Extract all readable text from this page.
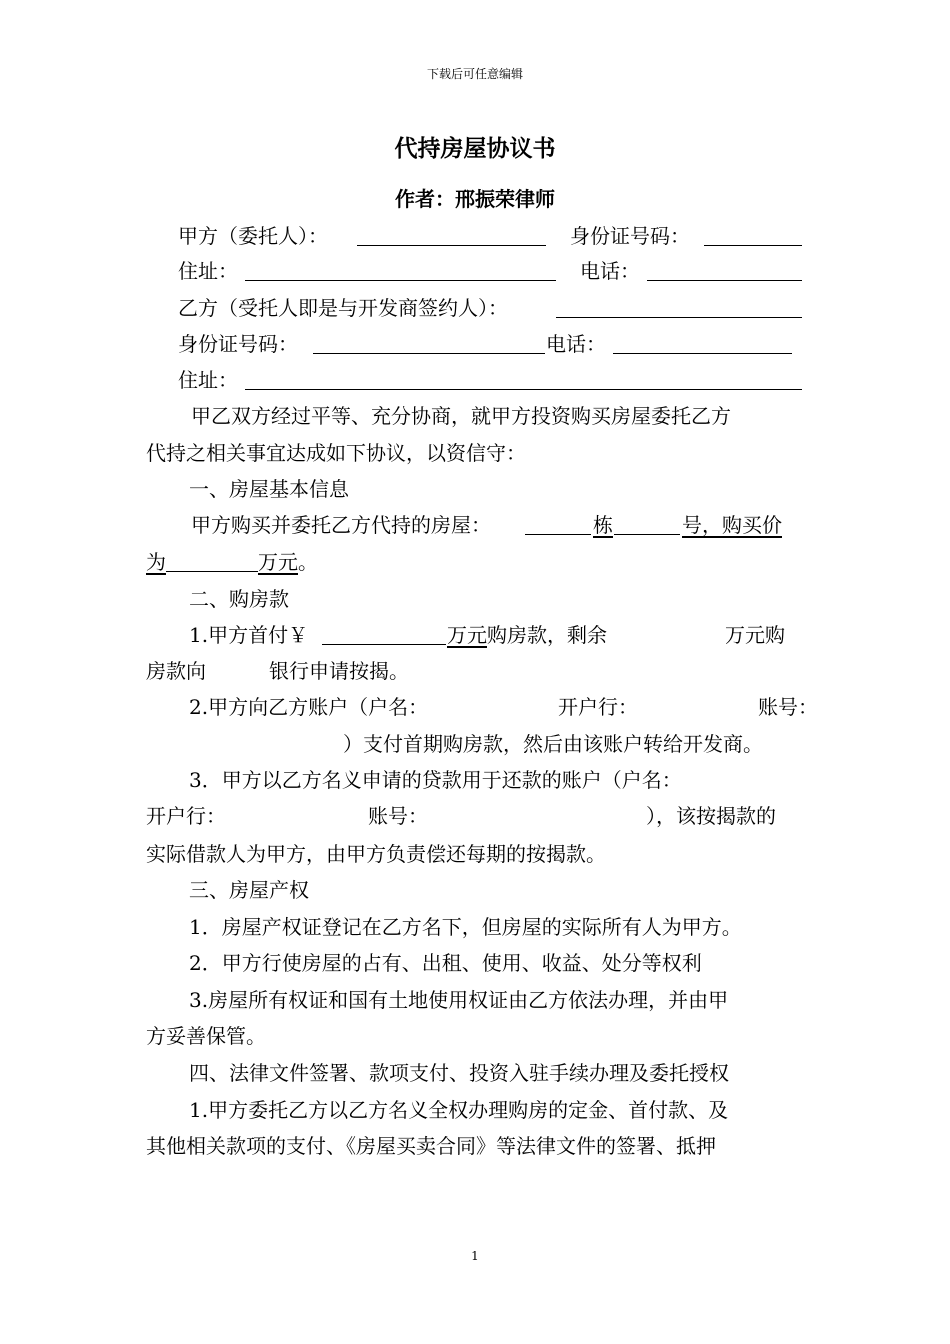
下载后可任意编辑
代持房屋协议书
作者：邢振荣律师
甲方（委托人）：	身份证号码：
住址：	电话：
乙方（受托人即是与开发商签约人）：
身份证号码：	电话：
住址：
甲乙双方经过平等、充分协商，就甲方投资购买房屋委托乙方
代持之相关事宜达成如下协议，以资信守：
一、房屋基本信息
甲方购买并委托乙方代持的房屋：	栋	号，购买价
为	万元 。
二、购房款
1.甲方首付￥	万元 购房款，剩余	万元购
房款向	银行申请按揭。
2.甲方向乙方账户（户名：	开户行：	账号：
）支付首期购房款，然后由该账户转给开发商。
3．甲方以乙方名义申请的贷款用于还款的账户（户名：
开户行：	账号：	），该按揭款的
实际借款人为甲方，由甲方负责偿还每期的按揭款。
三、房屋产权
1．房屋产权证登记在乙方名下，但房屋的实际所有人为甲方。
2．甲方行使房屋的占有、出租、使用、收益、处分等权利
3.房屋所有权证和国有土地使用权证由乙方依法办理，并由甲
方妥善保管。
四、法律文件签署、款项支付、投资入驻手续办理及委托授权
1.甲方委托乙方以乙方名义全权办理购房的定金、首付款、及
其他相关款项的支付、《房屋买卖合同》等法律文件的签署、抵押
1
